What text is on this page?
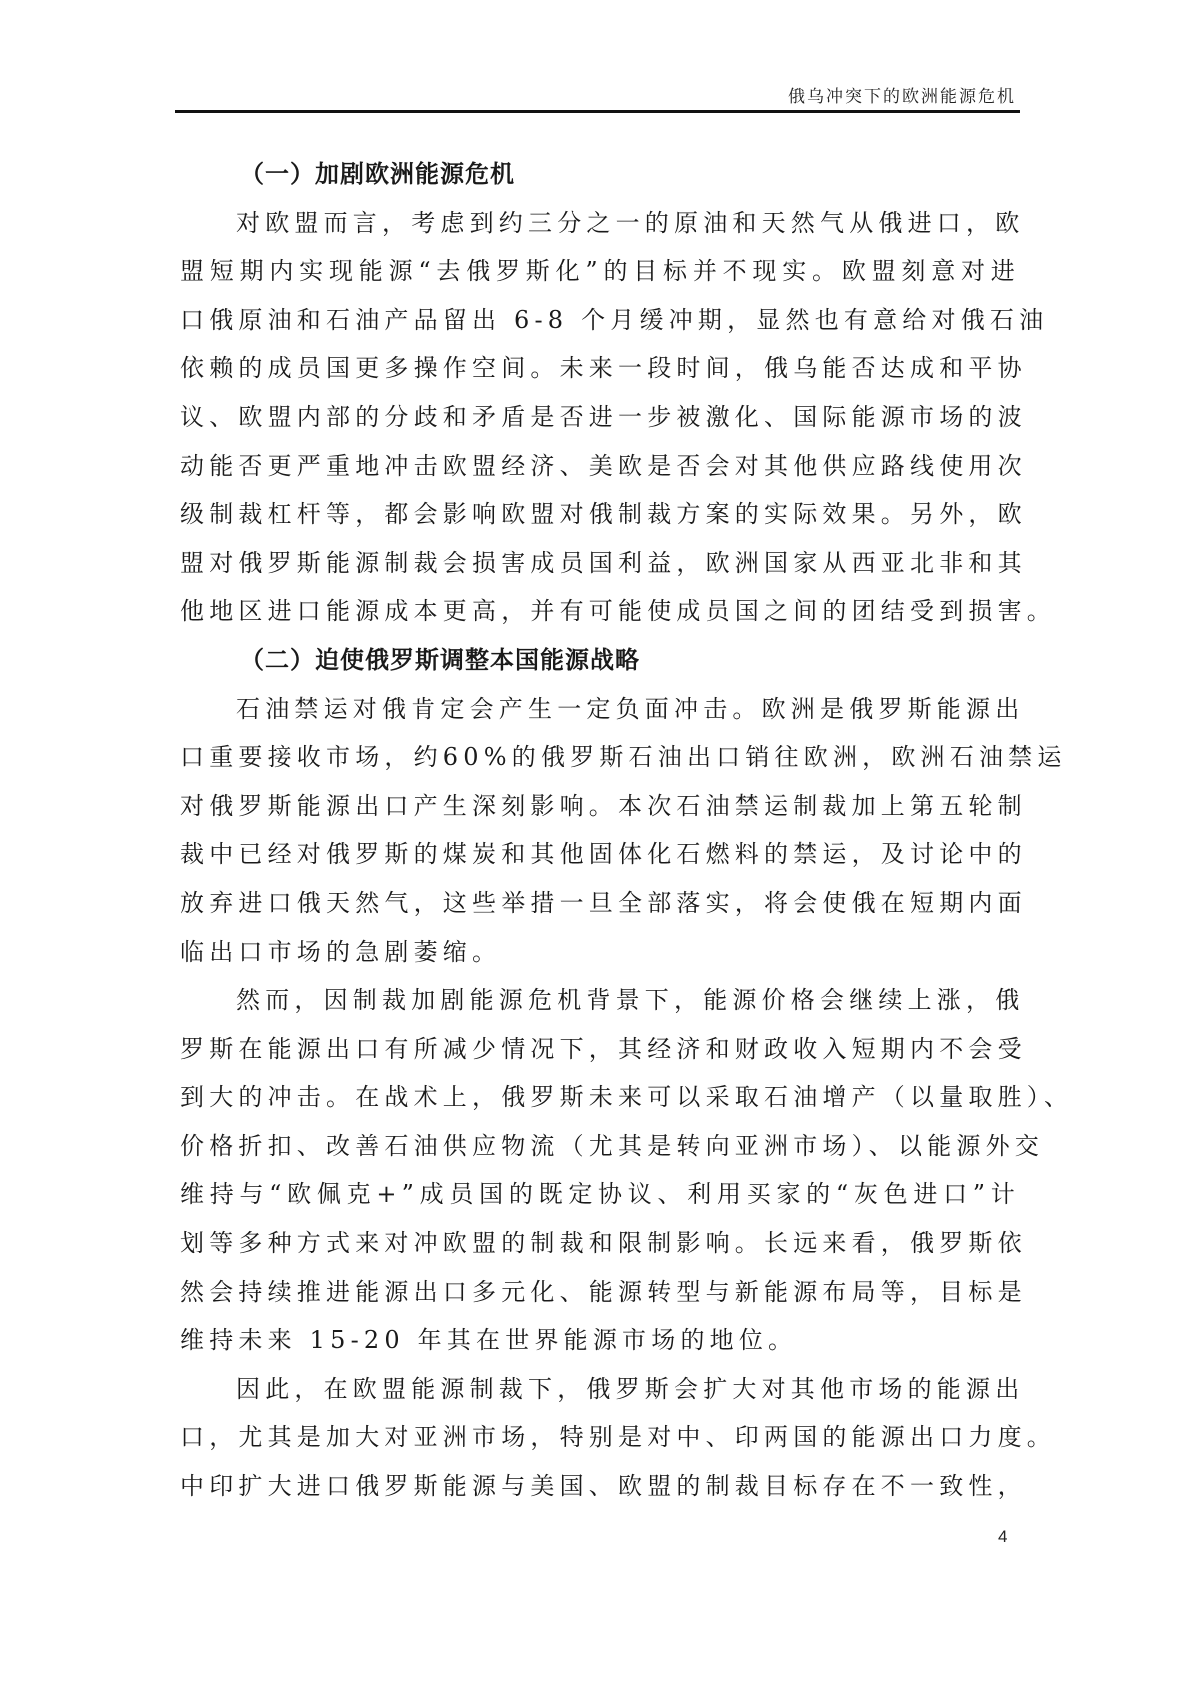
俄乌冲突下的欧洲能源危机
（一）加剧欧洲能源危机

对欧盟而言，考虑到约三分之一的原油和天然气从俄进口，欧
盟短期内实现能源“去俄罗斯化”的目标并不现实。欧盟刻意对进
口俄原油和石油产品留出 6-8 个月缓冲期，显然也有意给对俄石油
依赖的成员国更多操作空间。未来一段时间，俄乌能否达成和平协
议、欧盟内部的分歧和矛盾是否进一步被激化、国际能源市场的波
动能否更严重地冲击欧盟经济、美欧是否会对其他供应路线使用次
级制裁杠杆等，都会影响欧盟对俄制裁方案的实际效果。另外，欧
盟对俄罗斯能源制裁会损害成员国利益，欧洲国家从西亚北非和其
他地区进口能源成本更高，并有可能使成员国之间的团结受到损害。

（二）迫使俄罗斯调整本国能源战略

石油禁运对俄肯定会产生一定负面冲击。欧洲是俄罗斯能源出
口重要接收市场，约60%的俄罗斯石油出口销往欧洲，欧洲石油禁运
对俄罗斯能源出口产生深刻影响。本次石油禁运制裁加上第五轮制
裁中已经对俄罗斯的煤炭和其他固体化石燃料的禁运，及讨论中的
放弃进口俄天然气，这些举措一旦全部落实，将会使俄在短期内面
临出口市场的急剧萎缩。

然而，因制裁加剧能源危机背景下，能源价格会继续上涨，俄
罗斯在能源出口有所减少情况下，其经济和财政收入短期内不会受
到大的冲击。在战术上，俄罗斯未来可以采取石油增产（以量取胜）、
价格折扣、改善石油供应物流（尤其是转向亚洲市场）、以能源外交
维持与“欧佩克+”成员国的既定协议、利用买家的“灰色进口”计
划等多种方式来对冲欧盟的制裁和限制影响。长远来看，俄罗斯依
然会持续推进能源出口多元化、能源转型与新能源布局等，目标是
维持未来 15-20 年其在世界能源市场的地位。

因此，在欧盟能源制裁下，俄罗斯会扩大对其他市场的能源出
口，尤其是加大对亚洲市场，特别是对中、印两国的能源出口力度。
中印扩大进口俄罗斯能源与美国、欧盟的制裁目标存在不一致性，

4
